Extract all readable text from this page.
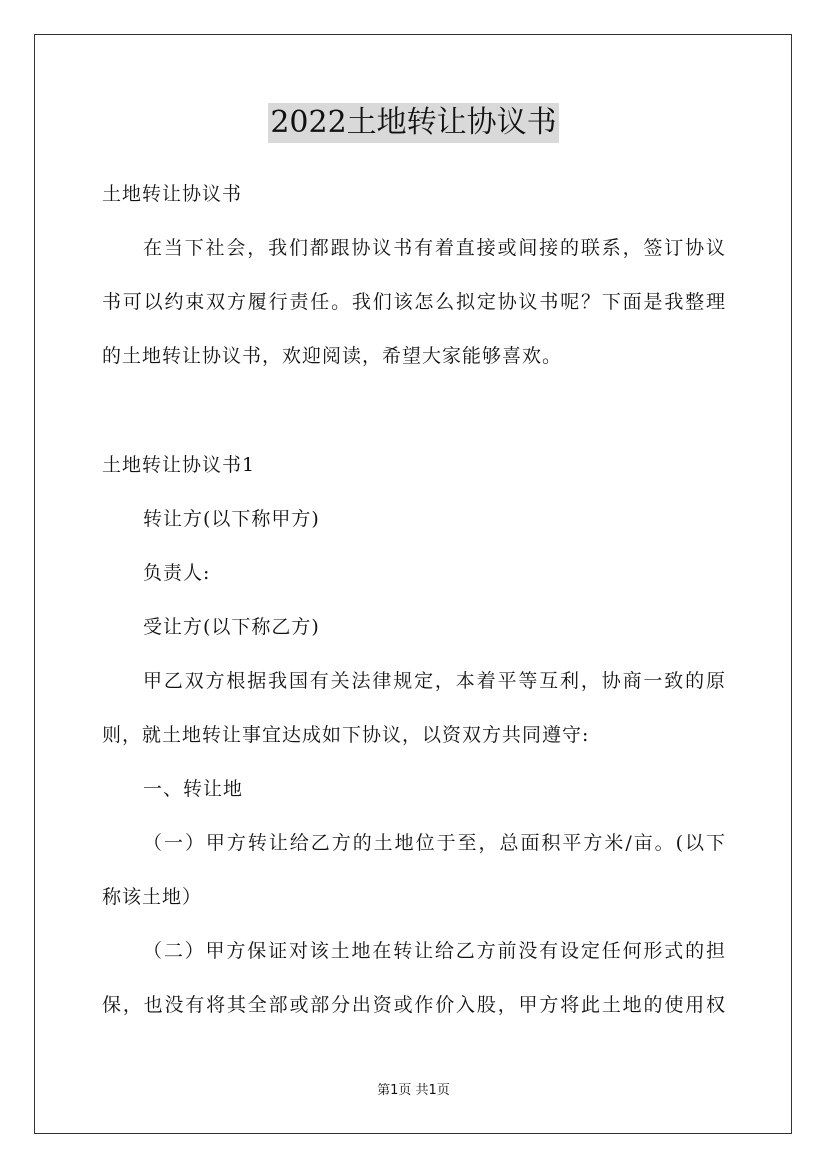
2022土地转让协议书
土地转让协议书
在当下社会，我们都跟协议书有着直接或间接的联系，签订协议
书可以约束双方履行责任。我们该怎么拟定协议书呢？下面是我整理
的土地转让协议书，欢迎阅读，希望大家能够喜欢。
土地转让协议书1
转让方(以下称甲方)
负责人:
受让方(以下称乙方)
甲乙双方根据我国有关法律规定，本着平等互利，协商一致的原
则，就土地转让事宜达成如下协议，以资双方共同遵守:
一、转让地
（一）甲方转让给乙方的土地位于至，总面积平方米/亩。(以下
称该土地）
（二）甲方保证对该土地在转让给乙方前没有设定任何形式的担
保，也没有将其全部或部分出资或作价入股，甲方将此土地的使用权
第1页 共1页
